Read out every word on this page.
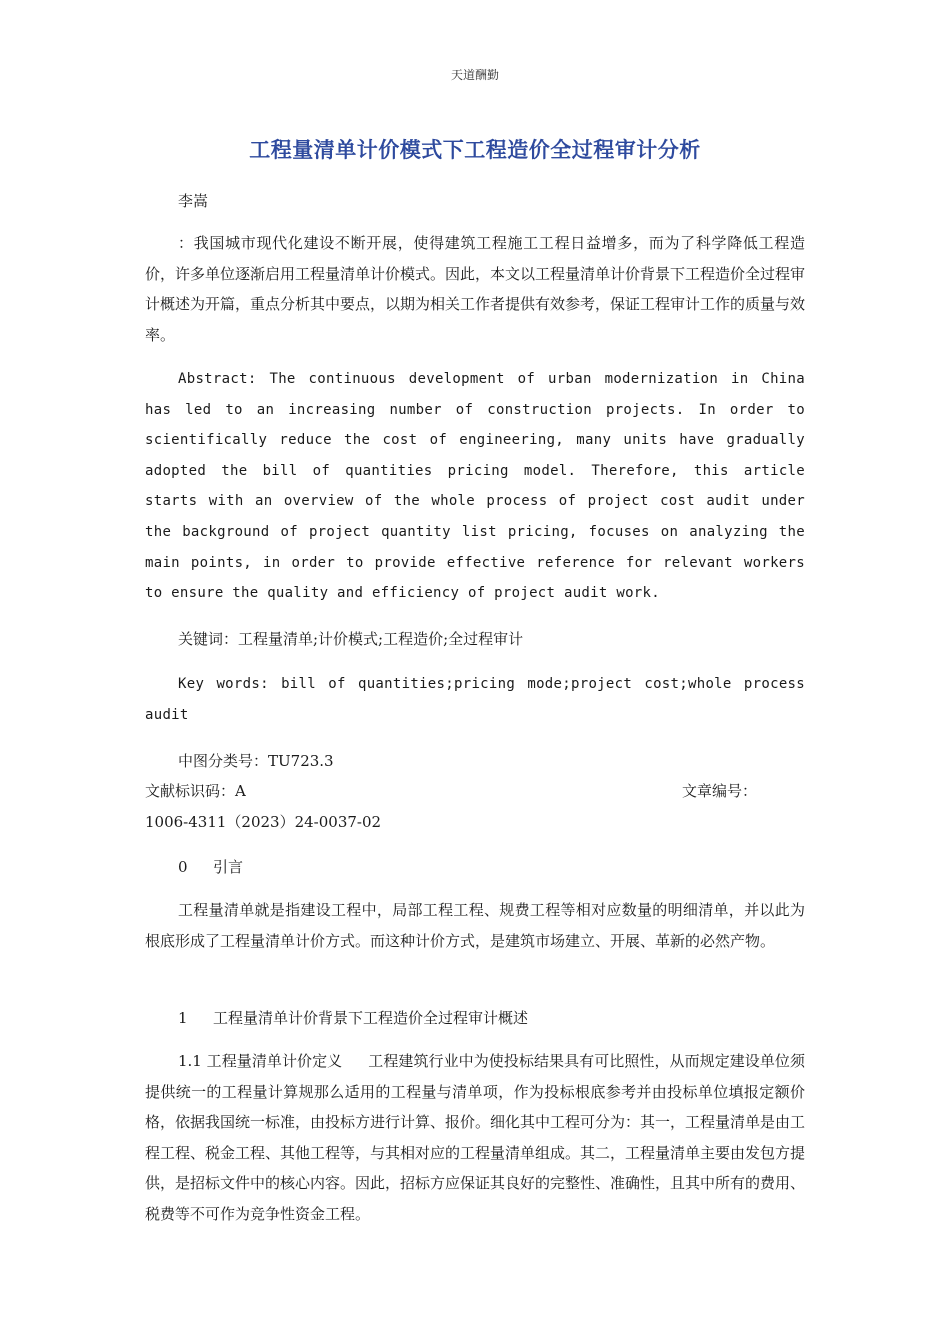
天道酬勤
工程量清单计价模式下工程造价全过程审计分析
李嵩
：我国城市现代化建设不断开展，使得建筑工程施工工程日益增多，而为了科学降低工程造价，许多单位逐渐启用工程量清单计价模式。因此，本文以工程量清单计价背景下工程造价全过程审计概述为开篇，重点分析其中要点，以期为相关工作者提供有效参考，保证工程审计工作的质量与效率。
Abstract: The continuous development of urban modernization in China has led to an increasing number of construction projects. In order to scientifically reduce the cost of engineering, many units have gradually adopted the bill of quantities pricing model. Therefore, this article starts with an overview of the whole process of project cost audit under the background of project quantity list pricing, focuses on analyzing the main points, in order to provide effective reference for relevant workers to ensure the quality and efficiency of project audit work.
关键词：工程量清单;计价模式;工程造价;全过程审计
Key words: bill of quantities;pricing mode;project cost;whole process audit
中图分类号：TU723.3
文献标识码：A	文章编号：
1006-4311（2023）24-0037-02
0 引言
工程量清单就是指建设工程中，局部工程工程、规费工程等相对应数量的明细清单，并以此为根底形成了工程量清单计价方式。而这种计价方式，是建筑市场建立、开展、革新的必然产物。
1 工程量清单计价背景下工程造价全过程审计概述
1.1 工程量清单计价定义 工程建筑行业中为使投标结果具有可比照性，从而规定建设单位须提供统一的工程量计算规那么适用的工程量与清单项，作为投标根底参考并由投标单位填报定额价格，依据我国统一标准，由投标方进行计算、报价。细化其中工程可分为：其一，工程量清单是由工程工程、税金工程、其他工程等，与其相对应的工程量清单组成。其二，工程量清单主要由发包方提供，是招标文件中的核心内容。因此，招标方应保证其良好的完整性、准确性，且其中所有的费用、税费等不可作为竞争性资金工程。
